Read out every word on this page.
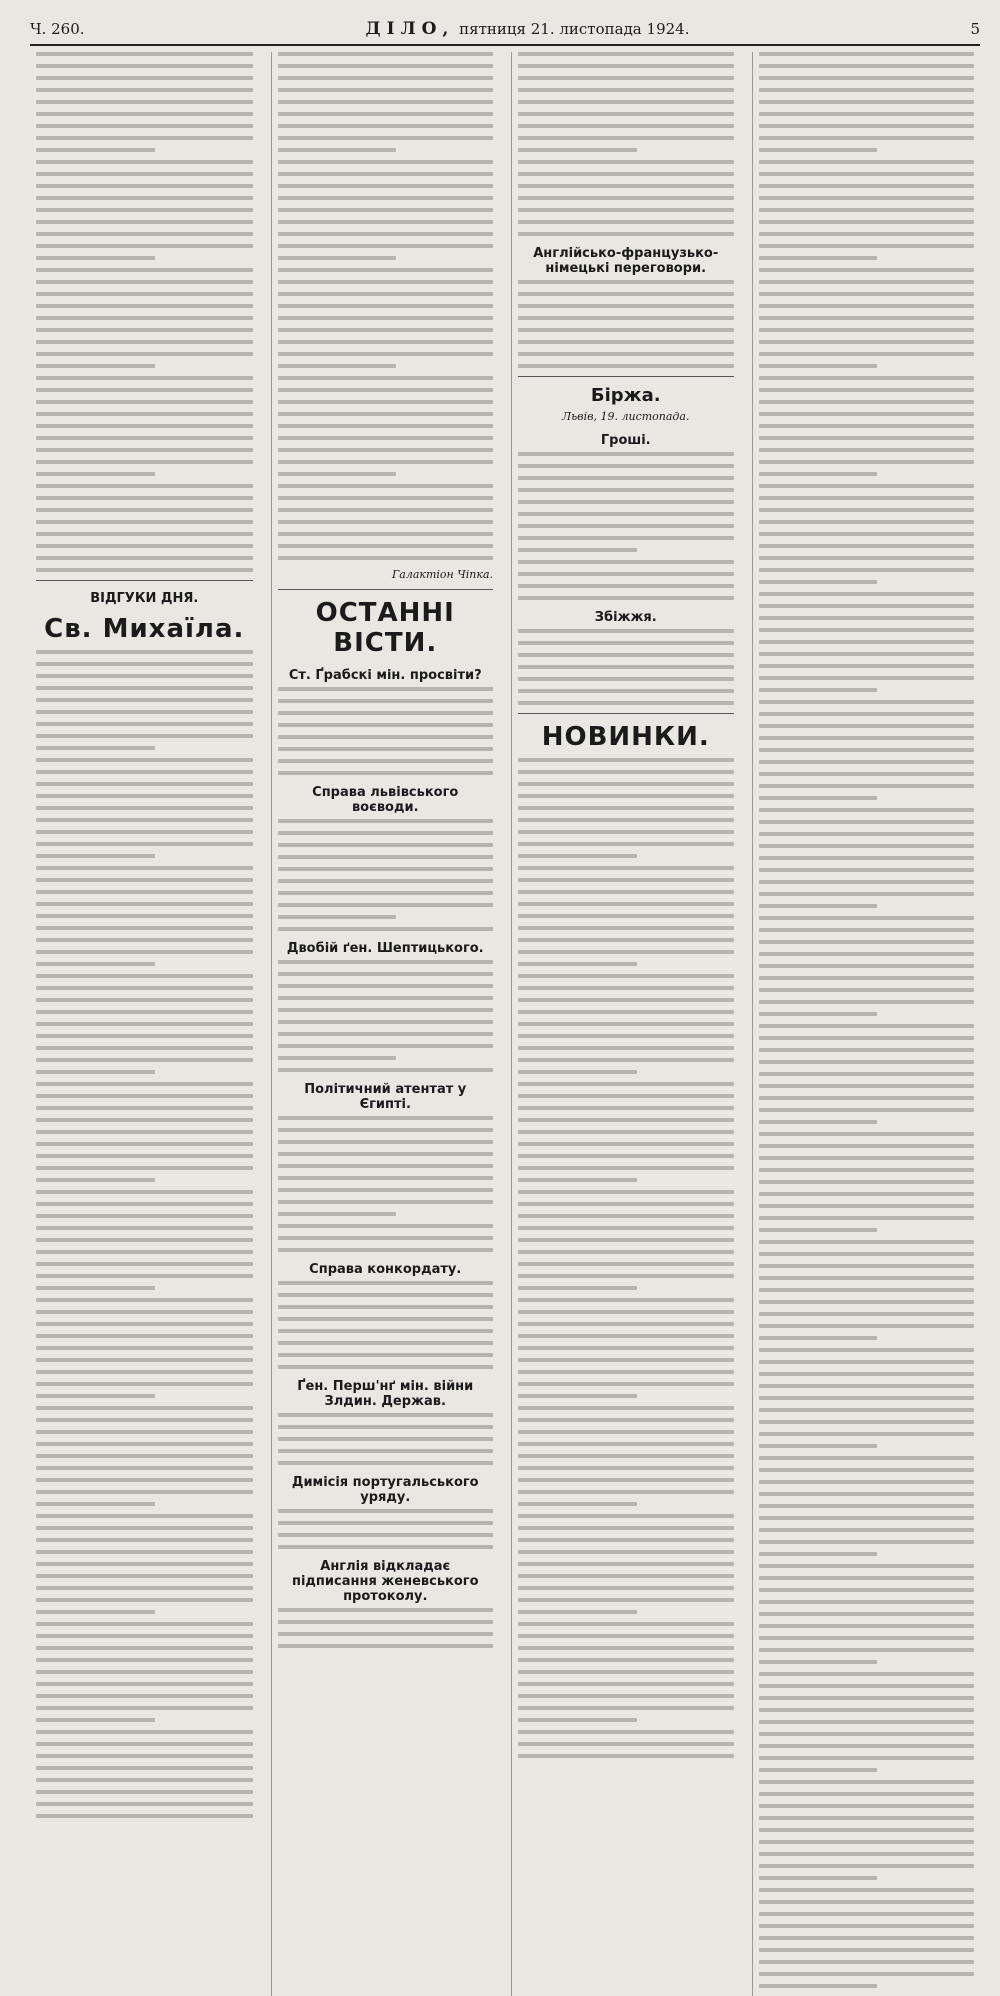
Ч. 260.	ДІЛО, пятниця 21. листопада 1924.	5
ВІДГУКИ ДНЯ.
Св. Михаїла.
Галактіон Чіпка.
ОСТАННІ ВІСТИ.
Ст. Ґрабскі мін. просвіти?
Справа львівського воєводи.
Двобій ґен. Шептицького.
Політичний атентат у Єгипті.
Справа конкордату.
Ґен. Перш'нґ мін. війни Злдин. Держав.
Димісія португальського уряду.
Англія відкладає підписання женевського протоколу.
Англійсько-французько-німецькі переговори.
Біржа.
Львів, 19. листопада.
Гроші.
Збіжжя.
НОВИНКИ.
